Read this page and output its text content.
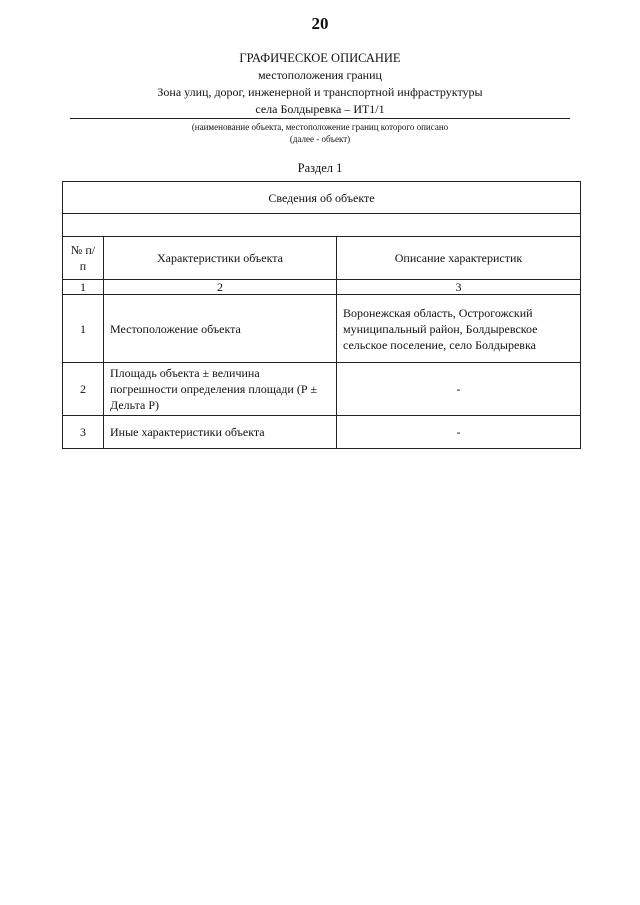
20
ГРАФИЧЕСКОЕ ОПИСАНИЕ
местоположения границ
Зона улиц, дорог, инженерной и транспортной инфраструктуры
села Болдыревка – ИТ1/1
(наименование объекта, местоположение границ которого описано
(далее - объект)
Раздел 1
Сведения об объекте		

№ п/п	Характеристики объекта	Описание характеристик
1	2	3
1	Местоположение объекта	Воронежская область, Острогожский муниципальный район, Болдыревское сельское поселение, село Болдыревка
2	Площадь объекта ± величина погрешности определения площади (Р ± Дельта Р)	-
3	Иные характеристики объекта	-
